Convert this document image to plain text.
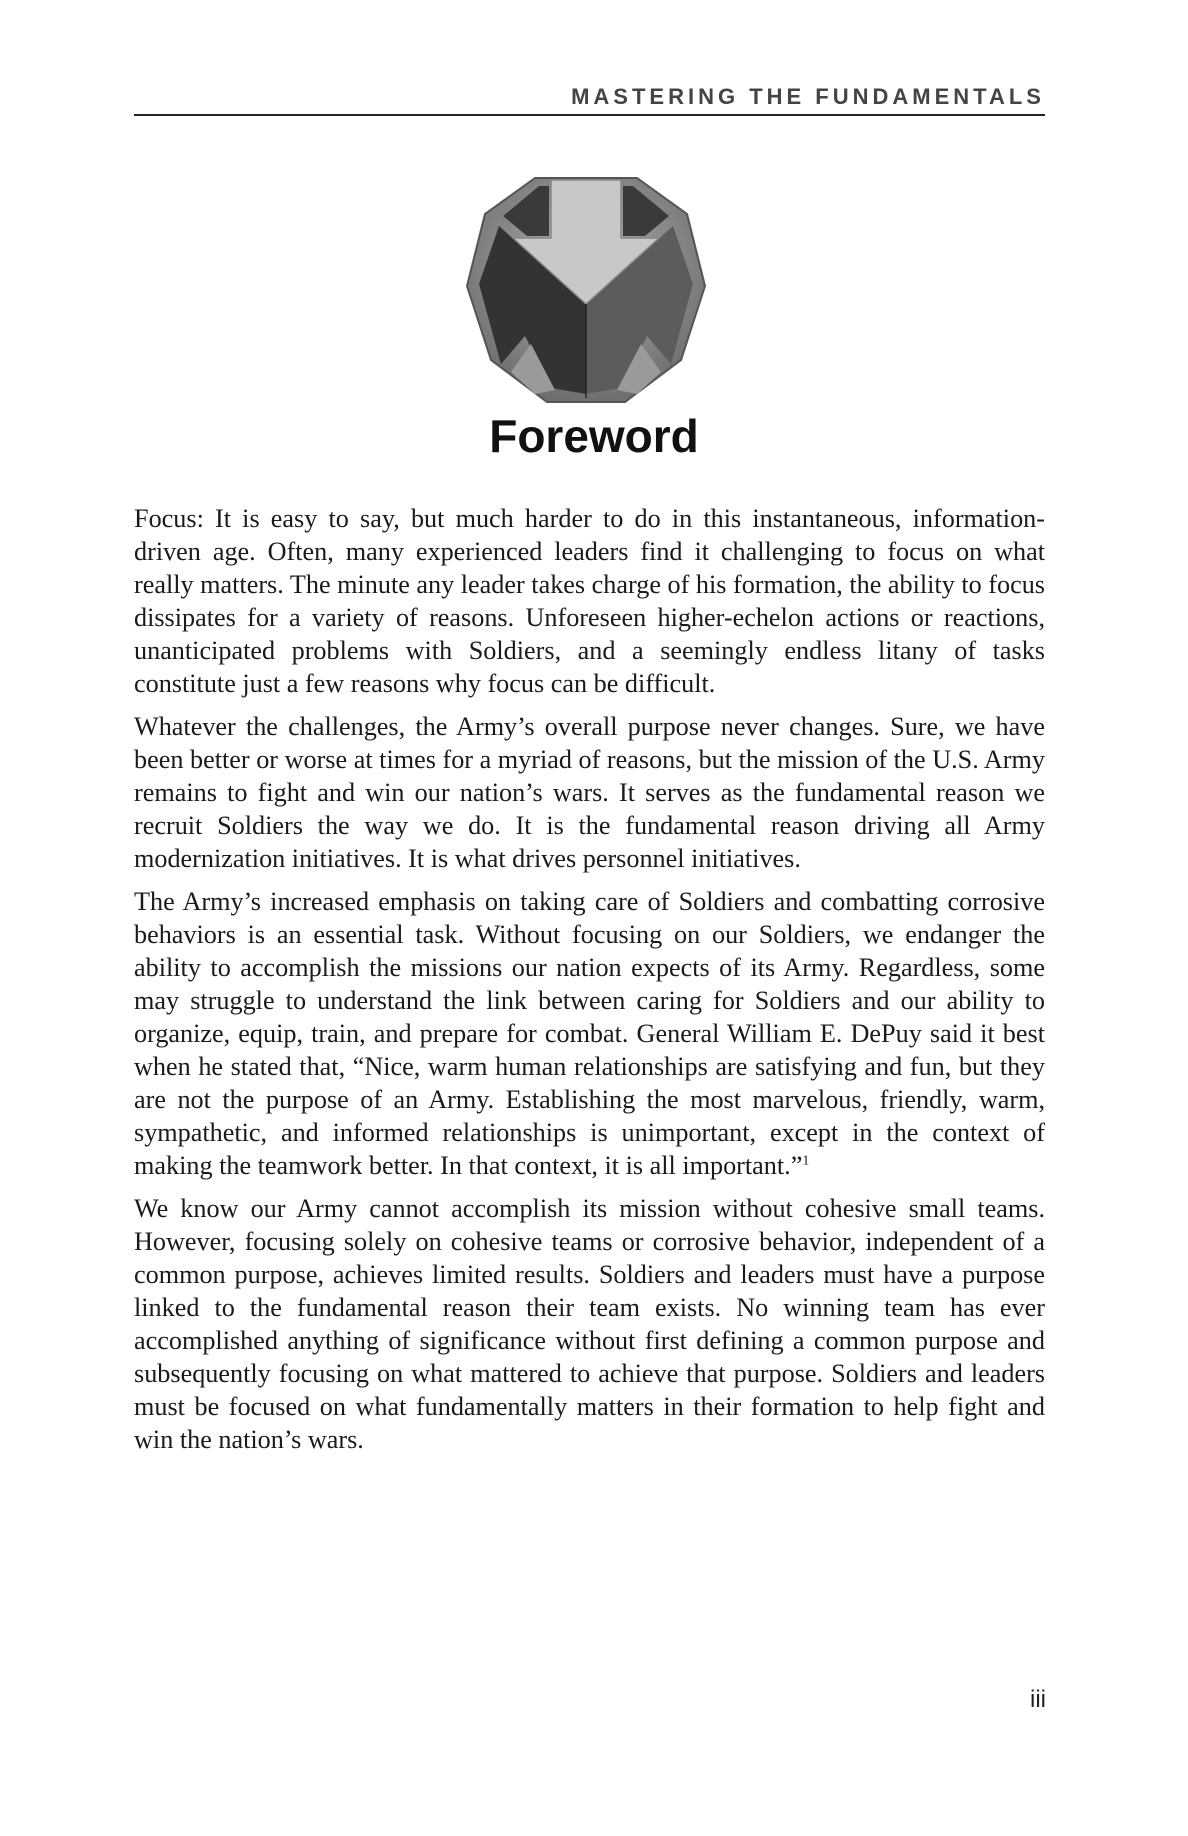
MASTERING THE FUNDAMENTALS
Foreword

Focus: It is easy to say, but much harder to do in this instantaneous, information-driven age. Often, many experienced leaders find it challenging to focus on what really matters. The minute any leader takes charge of his formation, the ability to focus dissipates for a variety of reasons. Unforeseen higher-echelon actions or reactions, unanticipated problems with Soldiers, and a seemingly endless litany of tasks constitute just a few reasons why focus can be difficult.

Whatever the challenges, the Army’s overall purpose never changes. Sure, we have been better or worse at times for a myriad of reasons, but the mission of the U.S. Army remains to fight and win our nation’s wars. It serves as the fundamental reason we recruit Soldiers the way we do. It is the fundamental reason driving all Army modernization initiatives. It is what drives personnel initiatives.

The Army’s increased emphasis on taking care of Soldiers and combatting corrosive behaviors is an essential task. Without focusing on our Soldiers, we endanger the ability to accomplish the missions our nation expects of its Army. Regardless, some may struggle to understand the link between caring for Soldiers and our ability to organize, equip, train, and prepare for combat. General William E. DePuy said it best when he stated that, “Nice, warm human relationships are satisfying and fun, but they are not the purpose of an Army. Establishing the most marvelous, friendly, warm, sympathetic, and informed relationships is unimportant, except in the context of making the teamwork better. In that context, it is all important.”$^1$

We know our Army cannot accomplish its mission without cohesive small teams. However, focusing solely on cohesive teams or corrosive behavior, independent of a common purpose, achieves limited results. Soldiers and leaders must have a purpose linked to the fundamental reason their team exists. No winning team has ever accomplished anything of significance without first defining a common purpose and subsequently focusing on what mattered to achieve that purpose. Soldiers and leaders must be focused on what fundamentally matters in their formation to help fight and win the nation’s wars.

iii
